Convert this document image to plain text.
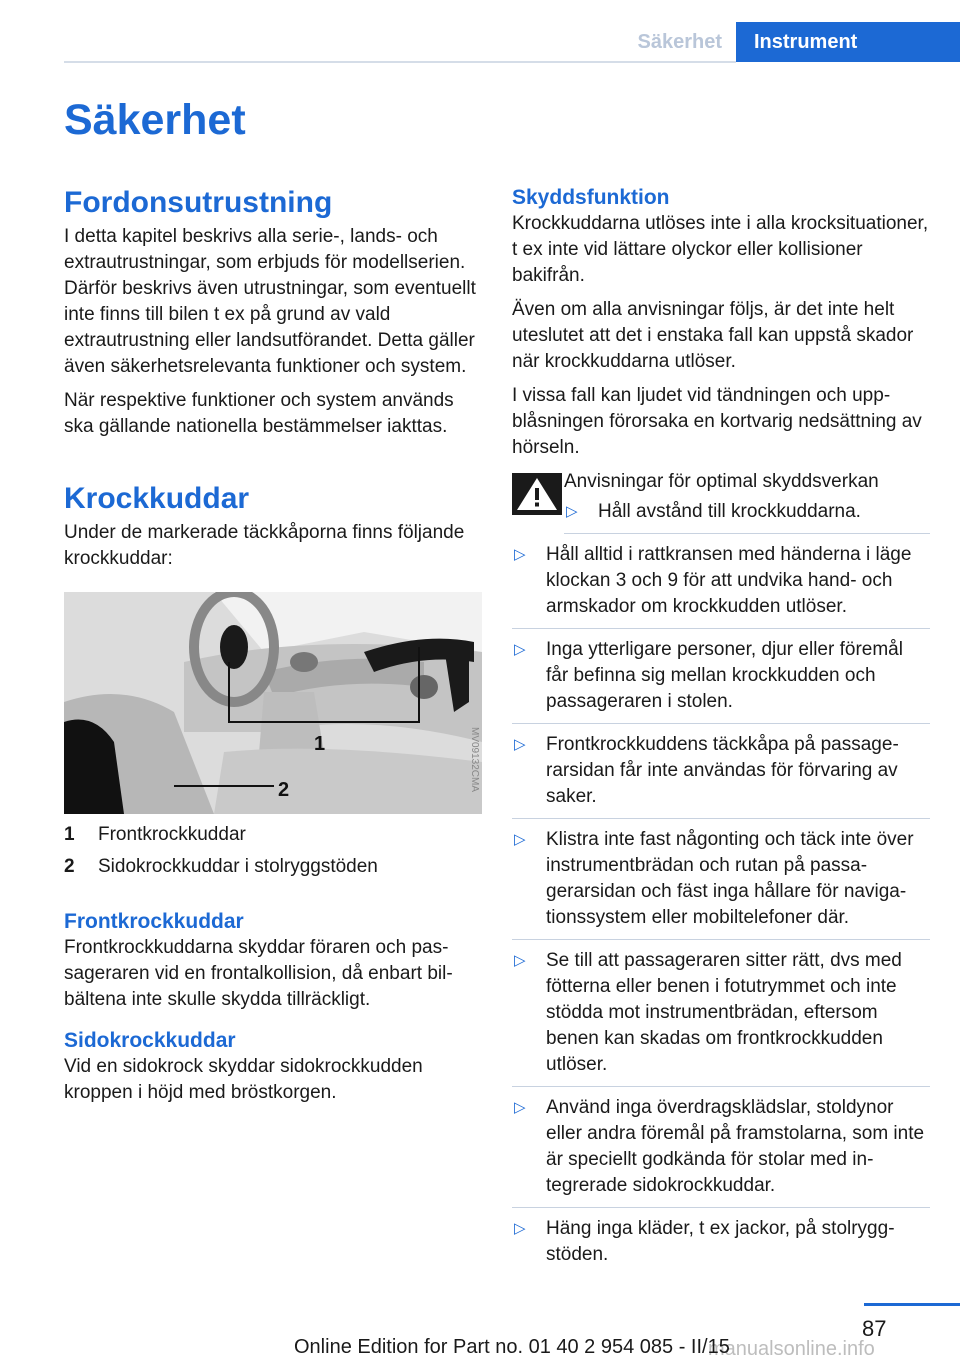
Säkerhet	Instrument
Säkerhet
Fordonsutrustning

I detta kapitel beskrivs alla serie-, lands- och extrautrustningar, som erbjuds för modellserien. Därför beskrivs även utrustningar, som eventuellt inte finns till bilen t ex på grund av vald extrautrustning eller landsutförandet. Detta gäller även säkerhetsrelevanta funktioner och system.

När respektive funktioner och system används ska gällande nationella bestämmelser iakttas.

Krockkuddar

Under de markerade täckkåporna finns följande krockkuddar:

1
2	MV09132CMA
1	Frontkrockkuddar
2	Sidokrockkuddar i stolryggstöden
Frontkrockkuddar

Frontkrockkuddarna skyddar föraren och passageraren vid en frontalkollision, då enbart bilbältena inte skulle skydda tillräckligt.

Sidokrockkuddar

Vid en sidokrock skyddar sidokrockkudden kroppen i höjd med bröstkorgen.

Skyddsfunktion

Krockkuddarna utlöses inte i alla krocksituationer, t ex inte vid lättare olyckor eller kollisioner bakifrån.

Även om alla anvisningar följs, är det inte helt uteslutet att det i enstaka fall kan uppstå skador när krockkuddarna utlöser.

I vissa fall kan ljudet vid tändningen och uppblåsningen förorsaka en kortvarig nedsättning av hörseln.

Anvisningar för optimal skyddsverkan
▷	Håll avstånd till krockkuddarna.
▷	Håll alltid i rattkransen med händerna i läge klockan 3 och 9 för att undvika hand- och armskador om krockkudden utlöser.
▷	Inga ytterligare personer, djur eller föremål får befinna sig mellan krockkudden och passageraren i stolen.
▷	Frontkrockkuddens täckkåpa på passagerarsidan får inte användas för förvaring av saker.
▷	Klistra inte fast någonting och täck inte över instrumentbrädan och rutan på passagerarsidan och fäst inga hållare för navigationssystem eller mobiltelefoner där.
▷	Se till att passageraren sitter rätt, dvs med fötterna eller benen i fotutrymmet och inte stödda mot instrumentbrädan, eftersom benen kan skadas om frontkrockkudden utlöser.
▷	Använd inga överdragsklädslar, stoldynor eller andra föremål på framstolarna, som inte är speciellt godkända för stolar med integrerade sidokrockkuddar.
▷	Häng inga kläder, t ex jackor, på stolryggstöden.
87
manualsonline.info
Online Edition for Part no. 01 40 2 954 085 - II/15
